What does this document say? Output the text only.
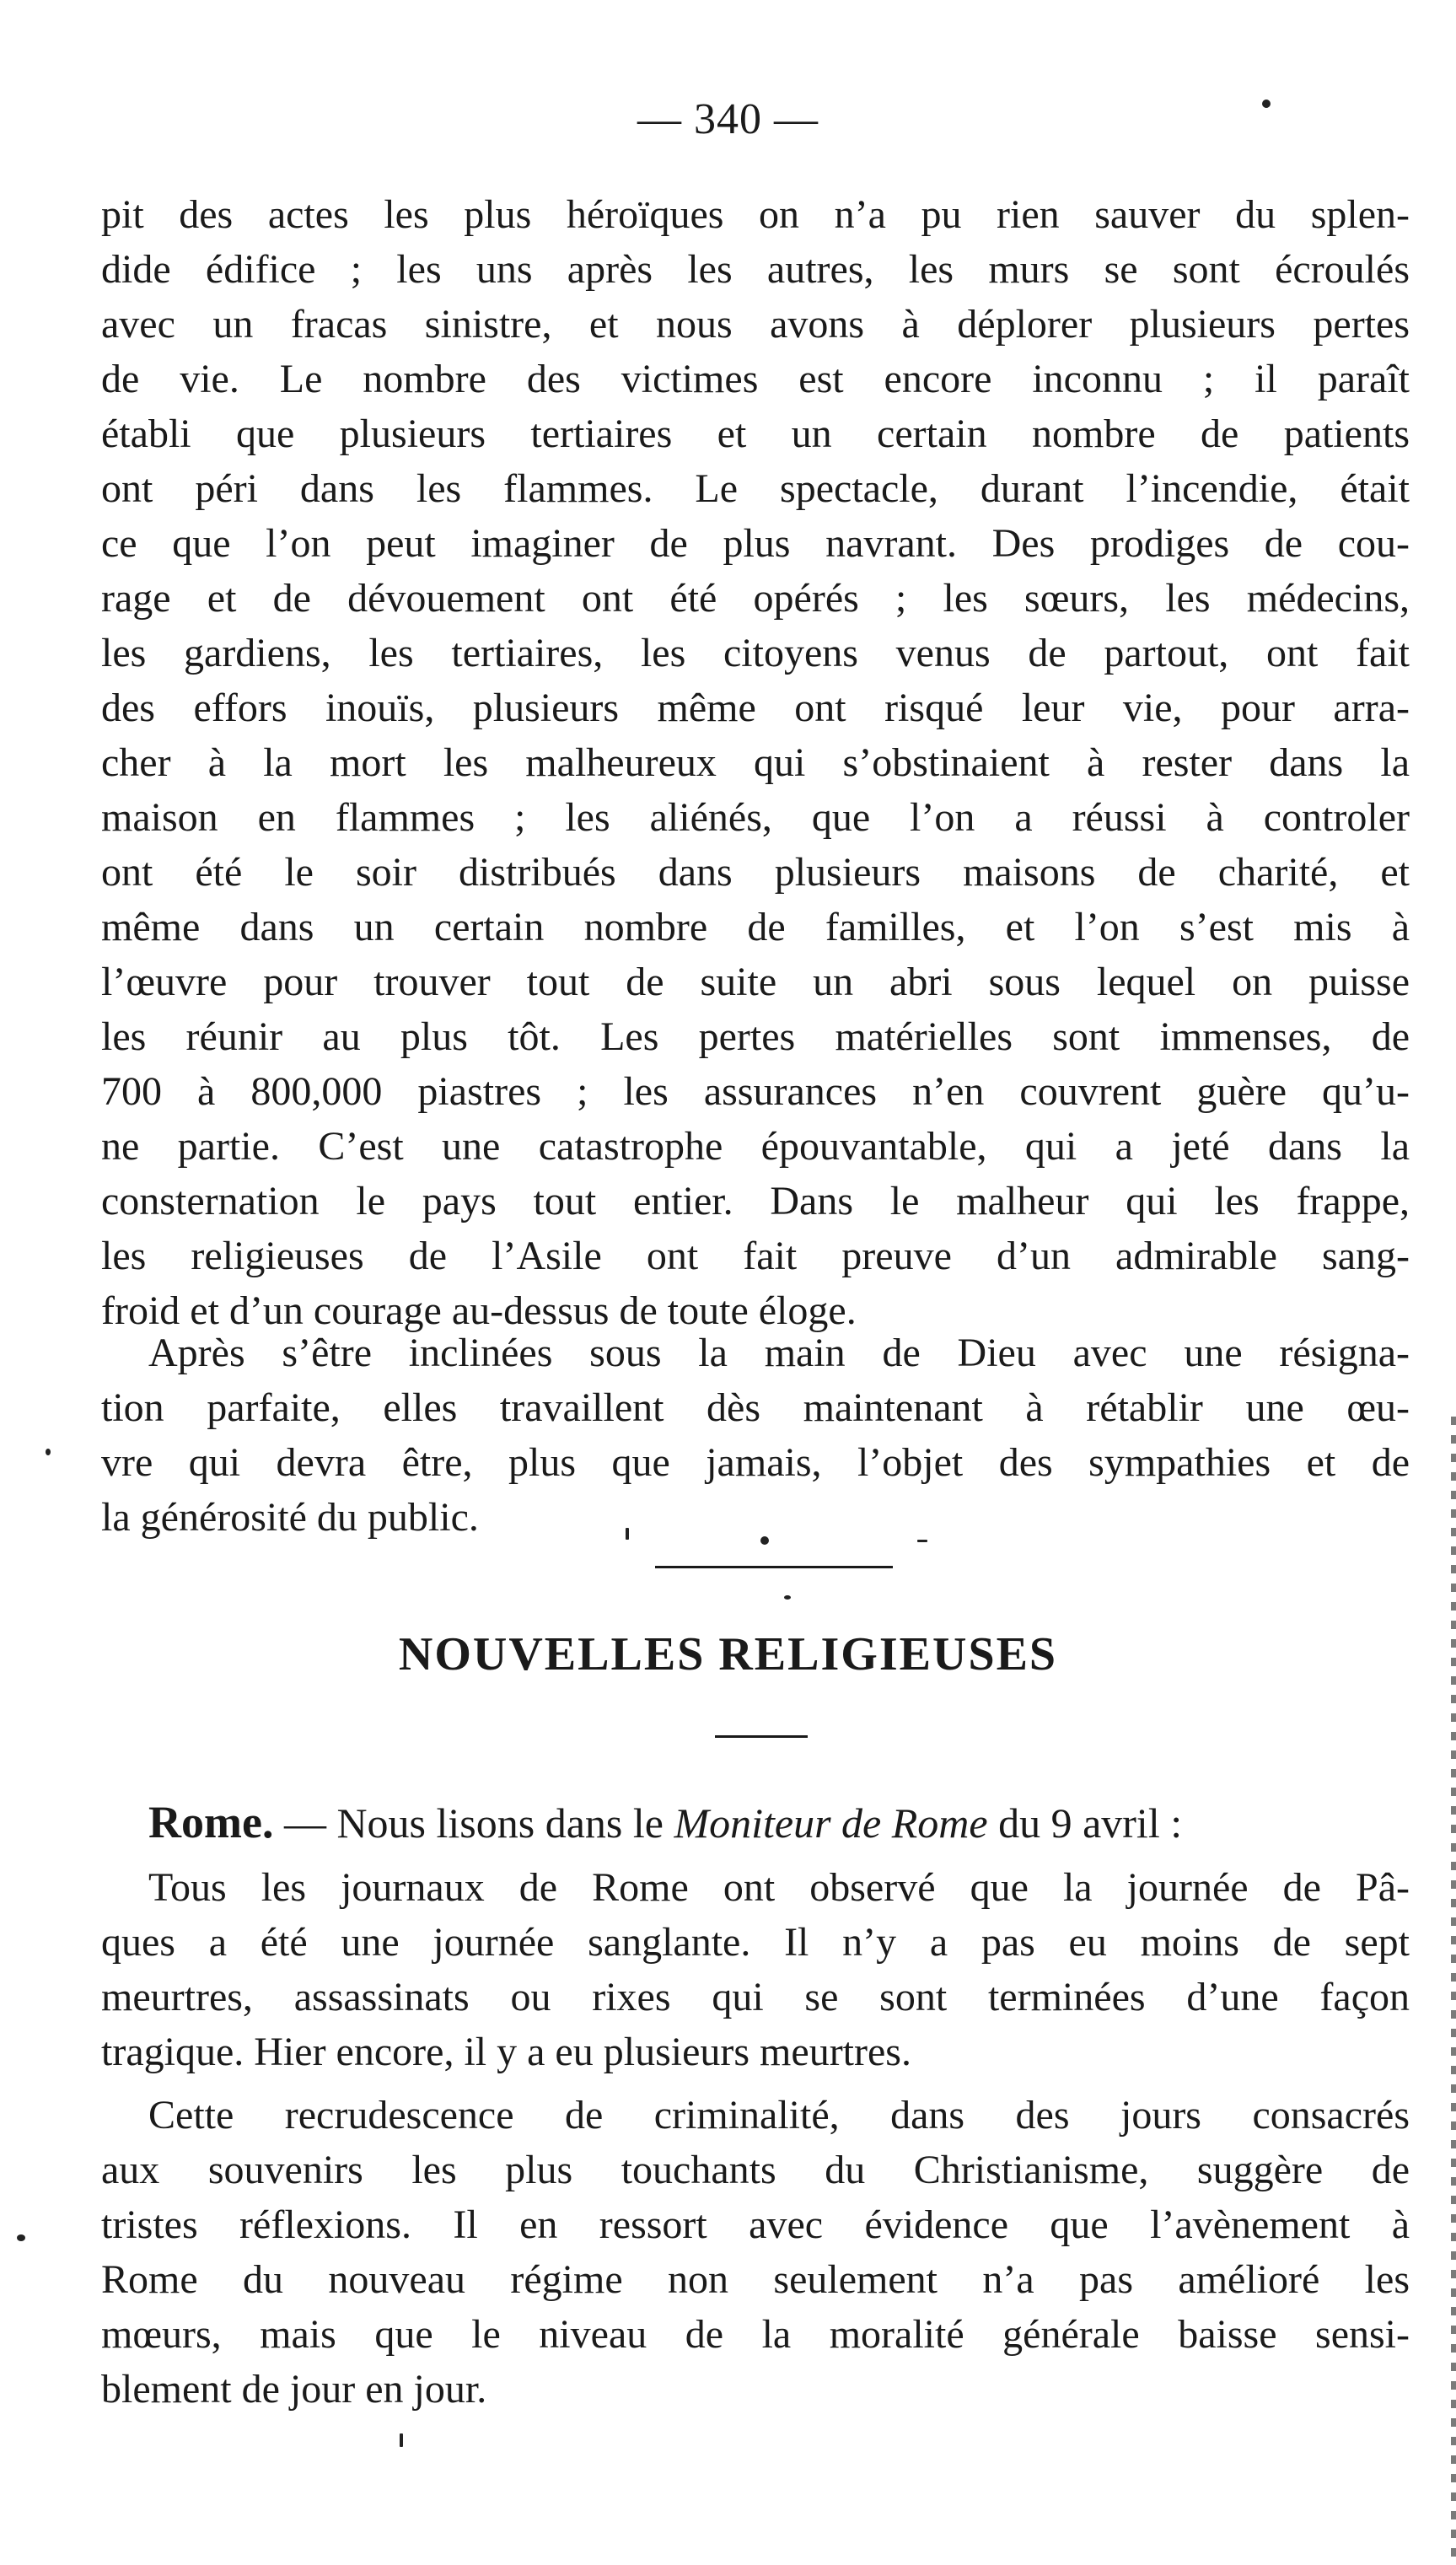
— 340 —
pit des actes les plus héroïques on n’a pu rien sauver du splen-
dide édifice ; les uns après les autres, les murs se sont écroulés
avec un fracas sinistre, et nous avons à déplorer plusieurs pertes
de vie. Le nombre des victimes est encore inconnu ; il paraît
établi que plusieurs tertiaires et un certain nombre de patients
ont péri dans les flammes. Le spectacle, durant l’incendie, était
ce que l’on peut imaginer de plus navrant. Des prodiges de cou-
rage et de dévouement ont été opérés ; les sœurs, les médecins,
les gardiens, les tertiaires, les citoyens venus de partout, ont fait
des effors inouïs, plusieurs même ont risqué leur vie, pour arra-
cher à la mort les malheureux qui s’obstinaient à rester dans la
maison en flammes ; les aliénés, que l’on a réussi à controler
ont été le soir distribués dans plusieurs maisons de charité, et
même dans un certain nombre de familles, et l’on s’est mis à
l’œuvre pour trouver tout de suite un abri sous lequel on puisse
les réunir au plus tôt. Les pertes matérielles sont immenses, de
700 à 800,000 piastres ; les assurances n’en couvrent guère qu’u-
ne partie. C’est une catastrophe épouvantable, qui a jeté dans la
consternation le pays tout entier. Dans le malheur qui les frappe,
les religieuses de l’Asile ont fait preuve d’un admirable sang-
froid et d’un courage au-dessus de toute éloge.
Après s’être inclinées sous la main de Dieu avec une résigna-
tion parfaite, elles travaillent dès maintenant à rétablir une œu-
vre qui devra être, plus que jamais, l’objet des sympathies et de
la générosité du public.
NOUVELLES RELIGIEUSES
Rome. — Nous lisons dans le Moniteur de Rome du 9 avril :
Tous les journaux de Rome ont observé que la journée de Pâ-
ques a été une journée sanglante. Il n’y a pas eu moins de sept
meurtres, assassinats ou rixes qui se sont terminées d’une façon
tragique. Hier encore, il y a eu plusieurs meurtres.
Cette recrudescence de criminalité, dans des jours consacrés
aux souvenirs les plus touchants du Christianisme, suggère de
tristes réflexions. Il en ressort avec évidence que l’avènement à
Rome du nouveau régime non seulement n’a pas amélioré les
mœurs, mais que le niveau de la moralité générale baisse sensi-
blement de jour en jour.
